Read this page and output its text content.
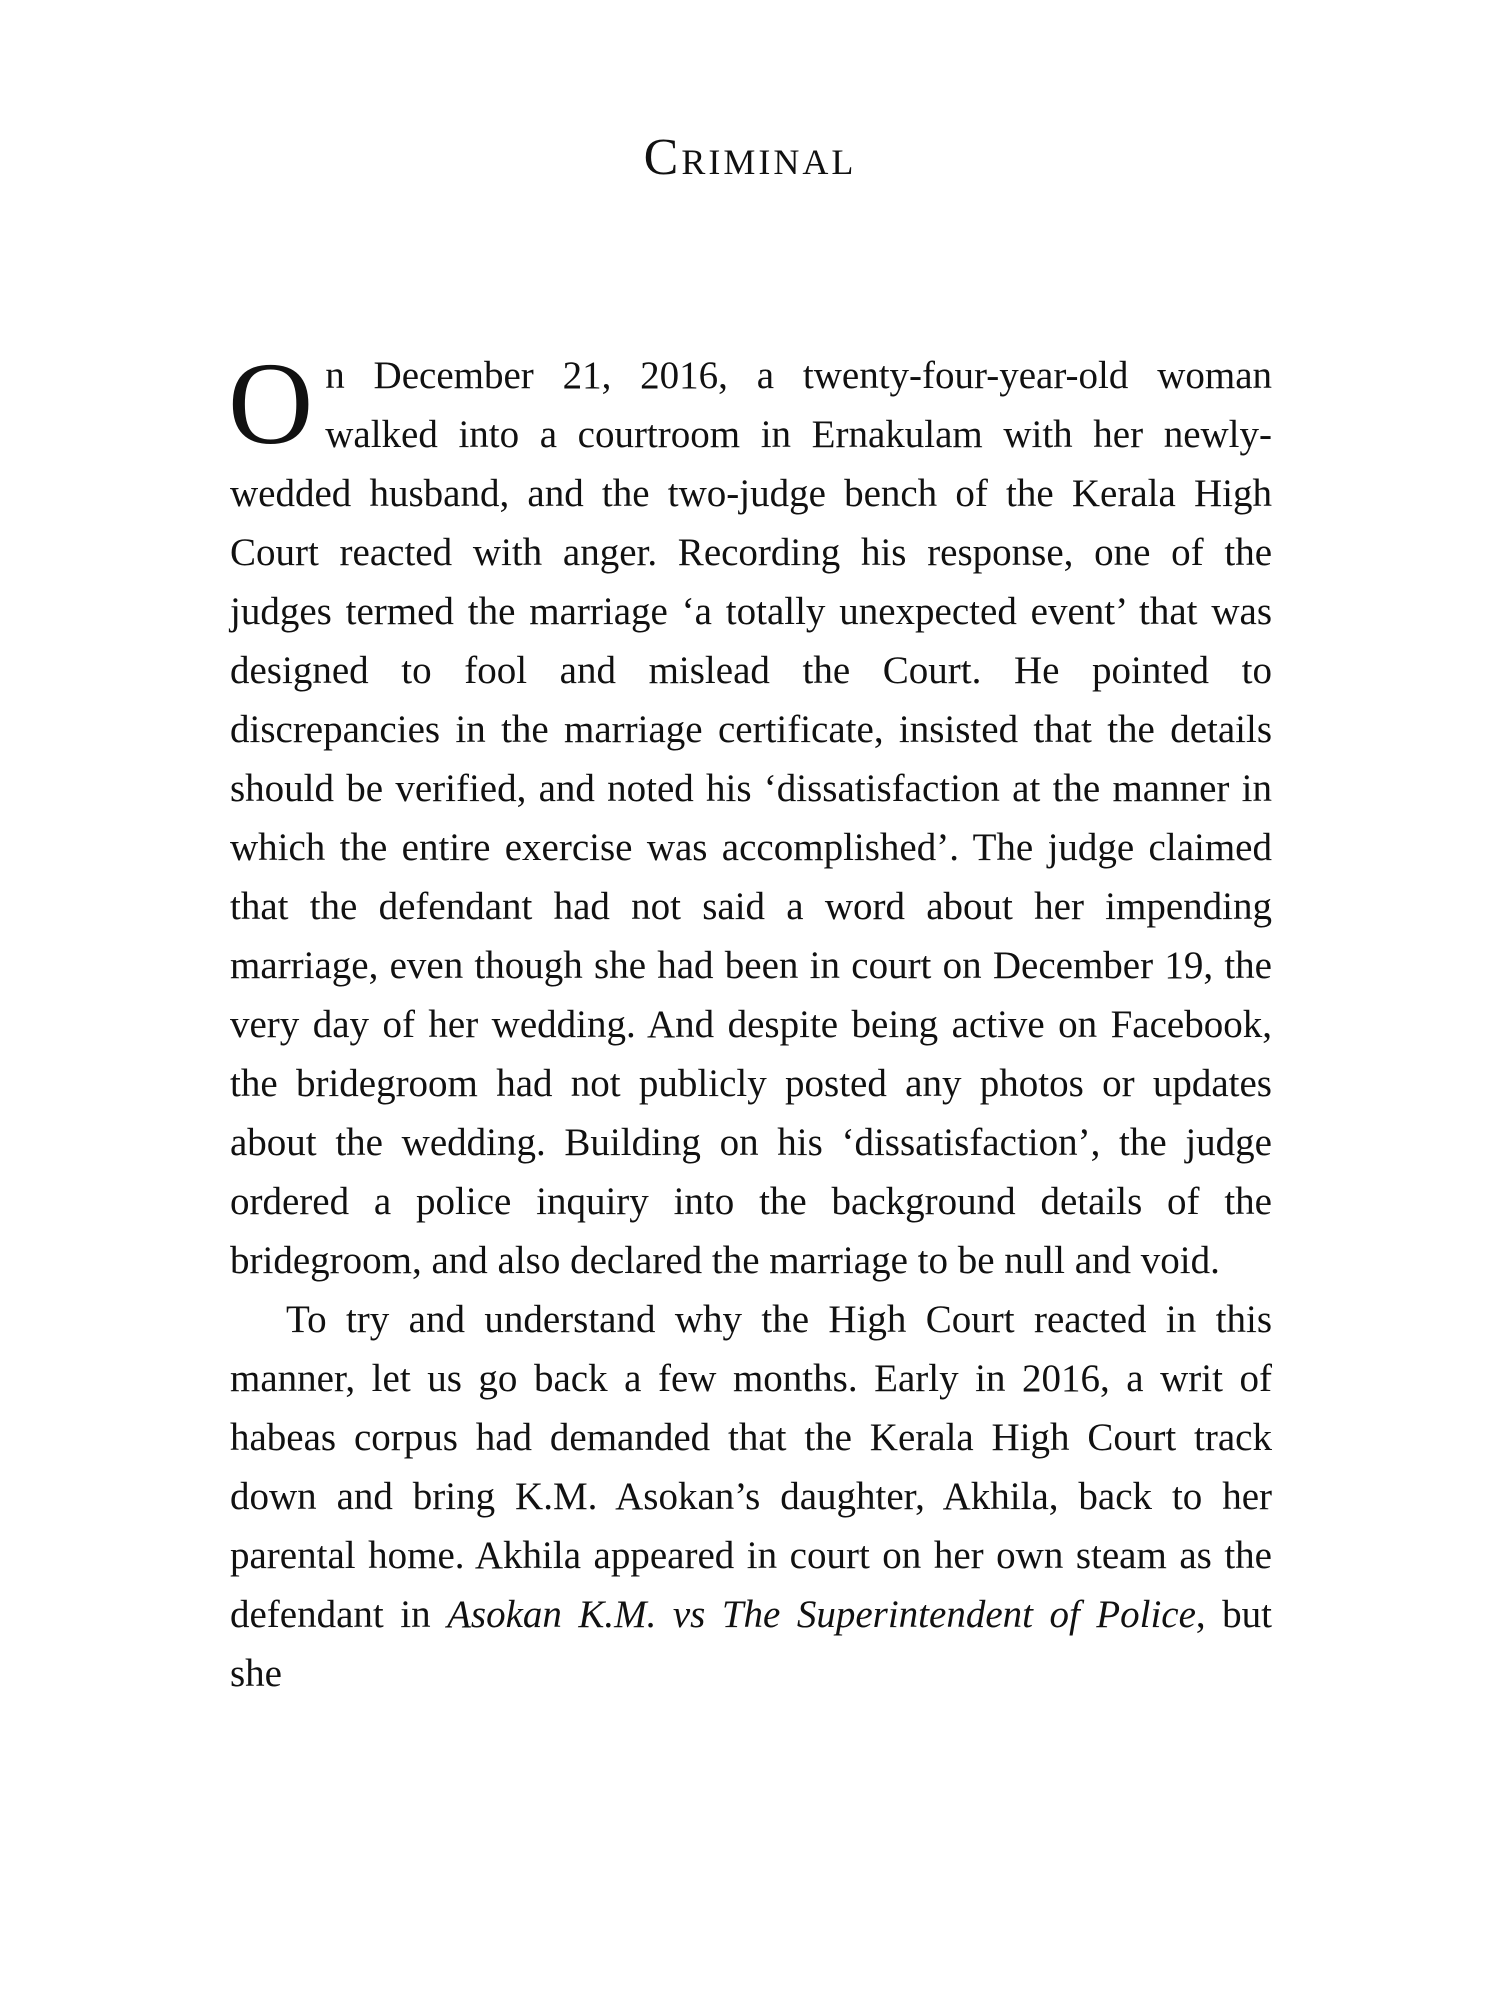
Criminal

On December 21, 2016, a twenty-four-year-old woman walked into a courtroom in Ernakulam with her newly-wedded husband, and the two-judge bench of the Kerala High Court reacted with anger. Recording his response, one of the judges termed the marriage ‘a totally unexpected event’ that was designed to fool and mislead the Court. He pointed to discrepancies in the marriage certificate, insisted that the details should be verified, and noted his ‘dissatisfaction at the manner in which the entire exercise was accomplished’. The judge claimed that the defendant had not said a word about her impending marriage, even though she had been in court on December 19, the very day of her wedding. And despite being active on Facebook, the bridegroom had not publicly posted any photos or updates about the wedding. Building on his ‘dissatisfaction’, the judge ordered a police inquiry into the background details of the bridegroom, and also declared the marriage to be null and void.

To try and understand why the High Court reacted in this manner, let us go back a few months. Early in 2016, a writ of habeas corpus had demanded that the Kerala High Court track down and bring K.M. Asokan’s daughter, Akhila, back to her parental home. Akhila appeared in court on her own steam as the defendant in Asokan K.M. vs The Superintendent of Police, but she
